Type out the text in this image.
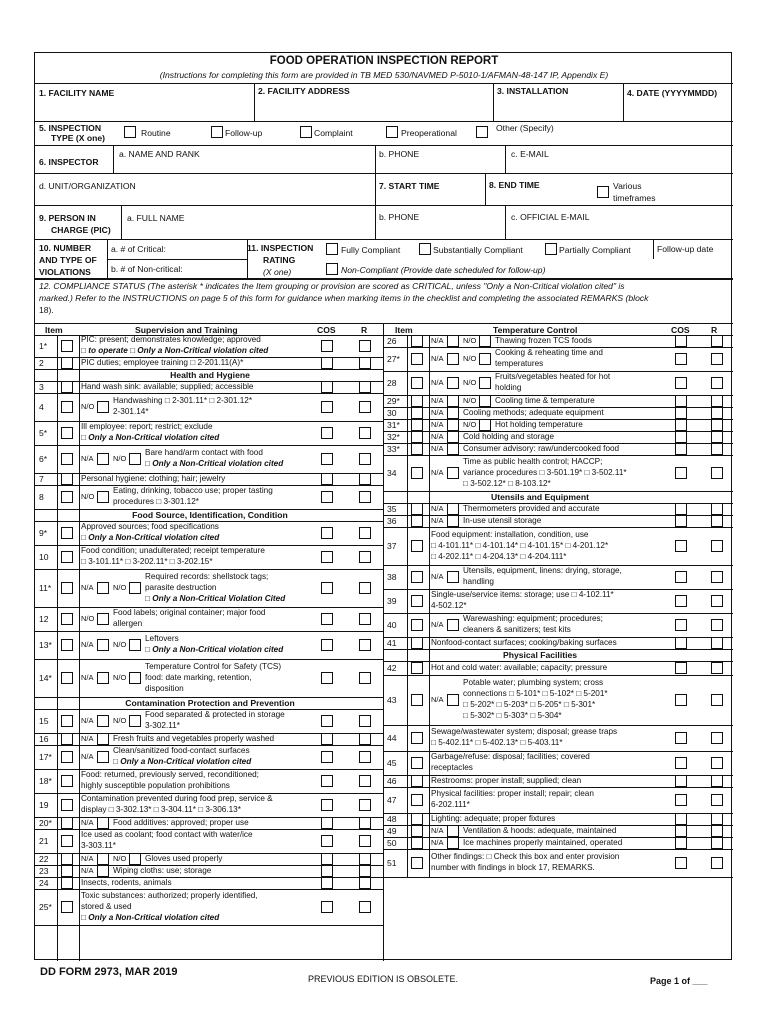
FOOD OPERATION INSPECTION REPORT
(Instructions for completing this form are provided in TB MED 530/NAVMED P-5010-1/AFMAN-48-147 IP, Appendix E)
1. FACILITY NAME	2. FACILITY ADDRESS	3. INSTALLATION	4. DATE (YYYYMMDD)
5. INSPECTION
TYPE (X one)	Routine	Follow-up	Complaint	Preoperational	Other (Specify)
6. INSPECTOR
a. NAME AND RANK	b. PHONE	c. E-MAIL
d. UNIT/ORGANIZATION	7. START TIME	8. END TIME	Various
timeframes
9. PERSON IN
CHARGE (PIC)
a. FULL NAME	b. PHONE	c. OFFICIAL E-MAIL
10. NUMBER
AND TYPE OF
VIOLATIONS
a. # of Critical:
b. # of Non-critical:
11. INSPECTION
RATING
(X one)
Fully Compliant	Substantially Compliant	Partially Compliant	Follow-up date
Non-Compliant (Provide date scheduled for follow-up)
12. COMPLIANCE STATUS (The asterisk * indicates the Item grouping or provision are scored as CRITICAL, unless "Only a Non-Critical violation cited" is
marked.) Refer to the INSTRUCTIONS on page 5 of this form for guidance when marking items in the checklist and completing the associated REMARKS (block
18).
Item	COS	R	Item	COS R
Supervision and Training	Temperature Control
1*
PIC: present; demonstrates knowledge; approved
□ to operate □ Only a Non-Critical violation cited
2	PIC duties; employee training □ 2-201.11(A)*
Health and Hygiene
3	Hand wash sink: available; supplied; accessible
4	N/O
Handwashing □ 2-301.11* □ 2-301.12*
2-301.14*
5*
Ill employee: report; restrict; exclude
□ Only a Non-Critical violation cited
6*	N/A	N/O
Bare hand/arm contact with food
□ Only a Non-Critical violation cited
7	Personal hygiene: clothing; hair; jewelry
8	N/O
Eating, drinking, tobacco use; proper tasting
procedures □ 3-301.12*
Food Source, Identification, Condition
9*
Approved sources; food specifications
□ Only a Non-Critical violation cited
10
Food condition; unadulterated; receipt temperature
□ 3-101.11* □ 3-202.11* □ 3-202.15*
11*	N/A	N/O
Required records: shellstock tags;
parasite destruction
□ Only a Non-Critical Violation Cited
12	N/O
Food labels; original container; major food
allergen
13*	N/A	N/O
Leftovers
□ Only a Non-Critical violation cited
14*	N/A	N/O
Temperature Control for Safety (TCS)
food: date marking, retention,
disposition
Contamination Protection and Prevention
15	N/A	N/O
Food separated & protected in storage
3-302.11*
16	N/A Fresh fruits and vegetables properly washed
17*	N/A
Clean/sanitized food-contact surfaces
□ Only a Non-Critical violation cited
18*
Food: returned, previously served, reconditioned;
highly susceptible population prohibitions
19
Contamination prevented during food prep, service &
display □ 3-302.13* □ 3-304.11* □ 3-306.13*
20*	N/A Food additives: approved; proper use
21
Ice used as coolant; food contact with water/ice
3-303.11*
22	N/A	N/O Gloves used properly
23	N/A Wiping cloths: use; storage
24	Insects, rodents, animals
25*
Toxic substances: authorized; properly identified,
stored & used
□ Only a Non-Critical violation cited
26	N/A	N/O Thawing frozen TCS foods
27*	N/A	N/O
Cooking & reheating time and
temperatures
28	N/A	N/O
Fruits/vegetables heated for hot
holding
29*	N/A	N/O Cooling time & temperature
30	N/A Cooling methods; adequate equipment
31*	N/A	N/O Hot holding temperature
32*	N/A Cold holding and storage
33*	N/A Consumer advisory: raw/undercooked food
34	N/A
Time as public health control; HACCP;
variance procedures □ 3-501.19* □ 3-502.11*
□ 3-502.12* □ 8-103.12*
Utensils and Equipment
35	N/A Thermometers provided and accurate
36	N/A In-use utensil storage
37
Food equipment: installation, condition, use
□ 4-101.11* □ 4-101.14* □ 4-101.15* □ 4-201.12*
□ 4-202.11* □ 4-204.13* □ 4-204.111*
38	N/A
Utensils, equipment, linens: drying, storage,
handling
39
Single-use/service items: storage; use □ 4-102.11*
4-502.12*
40	N/A
Warewashing: equipment; procedures;
cleaners & sanitizers; test kits
41	Nonfood-contact surfaces; cooking/baking surfaces
Physical Facilities
42	Hot and cold water: available; capacity; pressure
43	N/A
Potable water; plumbing system; cross
connections □ 5-101* □ 5-102* □ 5-201*
□ 5-202* □ 5-203* □ 5-205* □ 5-301*
□ 5-302* □ 5-303* □ 5-304*
44
Sewage/wastewater system; disposal; grease traps
□ 5-402.11* □ 5-402.13* □ 5-403.11*
45
Garbage/refuse: disposal; facilities; covered
receptacles
46	Restrooms: proper install; supplied; clean
47
Physical facilities: proper install; repair; clean
6-202.111*
48	Lighting: adequate; proper fixtures
49	N/A Ventilation & hoods: adequate, maintained
50	N/A Ice machines properly maintained, operated
51
Other findings: □ Check this box and enter provision
number with findings in block 17, REMARKS.
DD FORM 2973, MAR 2019
PREVIOUS EDITION IS OBSOLETE.	Page 1 of ___
